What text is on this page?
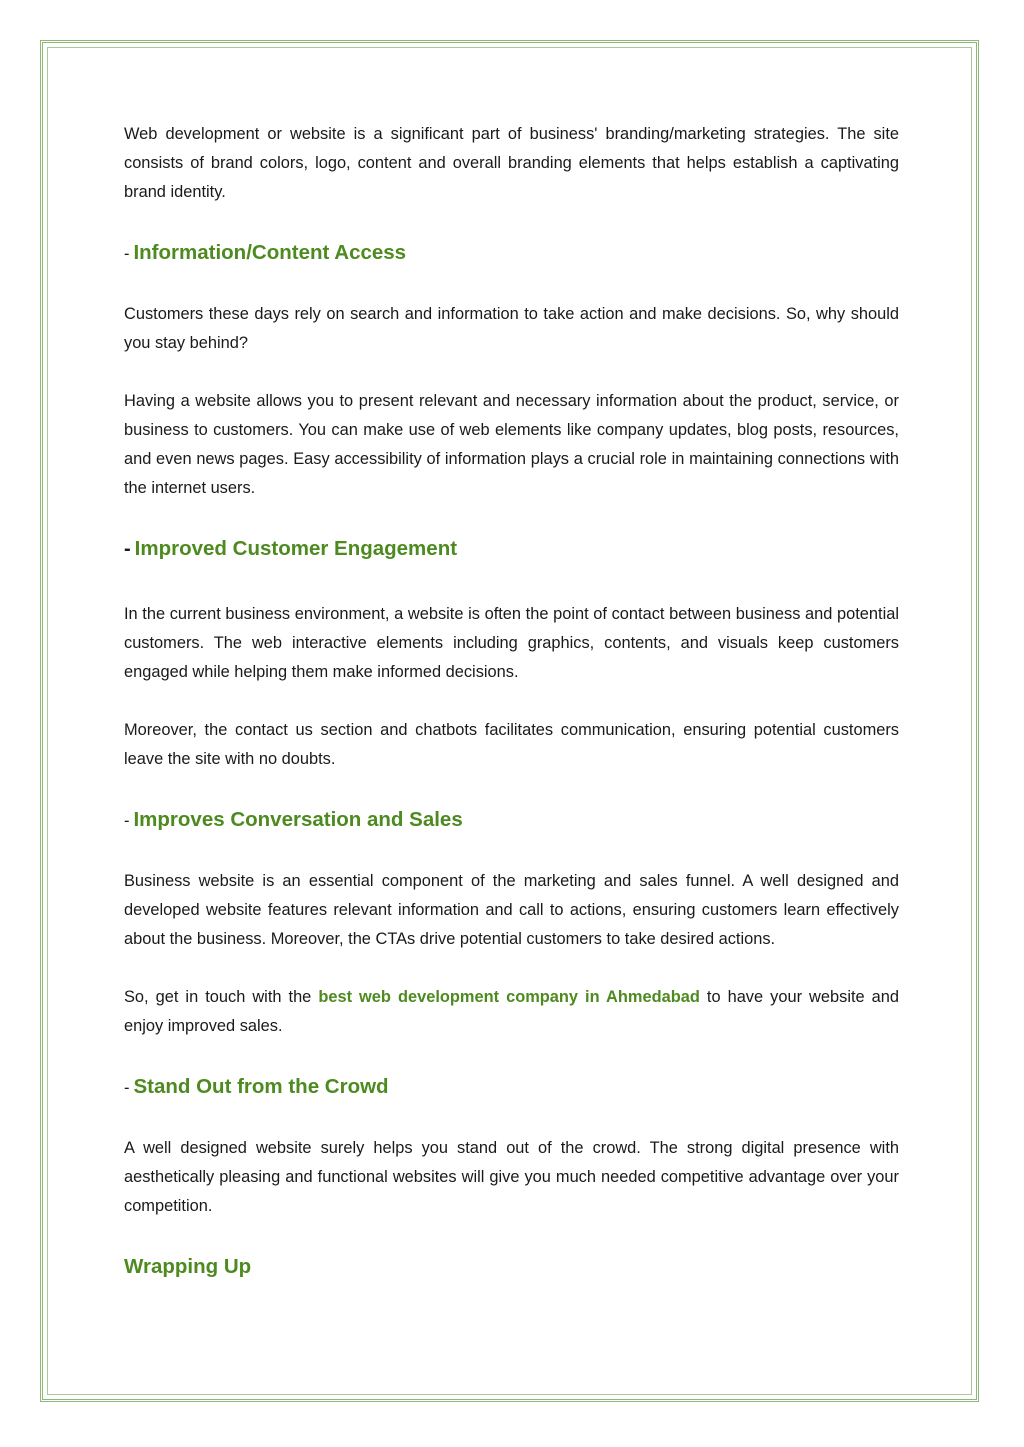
Web development or website is a significant part of business' branding/marketing strategies. The site consists of brand colors, logo, content and overall branding elements that helps establish a captivating brand identity.

- Information/Content Access

Customers these days rely on search and information to take action and make decisions. So, why should you stay behind?

Having a website allows you to present relevant and necessary information about the product, service, or business to customers. You can make use of web elements like company updates, blog posts, resources, and even news pages. Easy accessibility of information plays a crucial role in maintaining connections with the internet users.

- Improved Customer Engagement

In the current business environment, a website is often the point of contact between business and potential customers. The web interactive elements including graphics, contents, and visuals keep customers engaged while helping them make informed decisions.

Moreover, the contact us section and chatbots facilitates communication, ensuring potential customers leave the site with no doubts.

- Improves Conversation and Sales

Business website is an essential component of the marketing and sales funnel. A well designed and developed website features relevant information and call to actions, ensuring customers learn effectively about the business. Moreover, the CTAs drive potential customers to take desired actions.

So, get in touch with the best web development company in Ahmedabad to have your website and enjoy improved sales.

- Stand Out from the Crowd

A well designed website surely helps you stand out of the crowd. The strong digital presence with aesthetically pleasing and functional websites will give you much needed competitive advantage over your competition.

Wrapping Up
